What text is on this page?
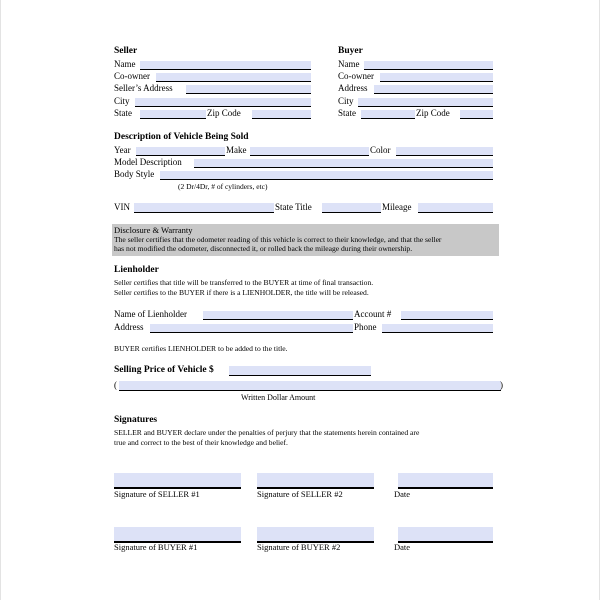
Seller
Name
Co-owner
Seller’s Address
City
State	Zip Code
Buyer
Name
Co-owner
Address
City
State	Zip Code
Description of Vehicle Being Sold
Year	Make	Color
Model Description
Body Style
(2 Dr/4Dr, # of cylinders, etc)
VIN	State Title	Mileage
Disclosure & Warranty
The seller certifies that the odometer reading of this vehicle is correct to their knowledge, and that the seller
has not modified the odometer, disconnected it, or rolled back the mileage during their ownership.
Lienholder
Seller certifies that title will be transferred to the BUYER at time of final transaction.
Seller certifies to the BUYER if there is a LIENHOLDER, the title will be released.
Name of Lienholder	Account #
Address	Phone
BUYER certifies LIENHOLDER to be added to the title.
Selling Price of Vehicle $
(	)
Written Dollar Amount
Signatures
SELLER and BUYER declare under the penalties of perjury that the statements herein contained are
true and correct to the best of their knowledge and belief.
Signature of SELLER #1	Signature of SELLER #2	Date
Signature of BUYER #1	Signature of BUYER #2	Date
